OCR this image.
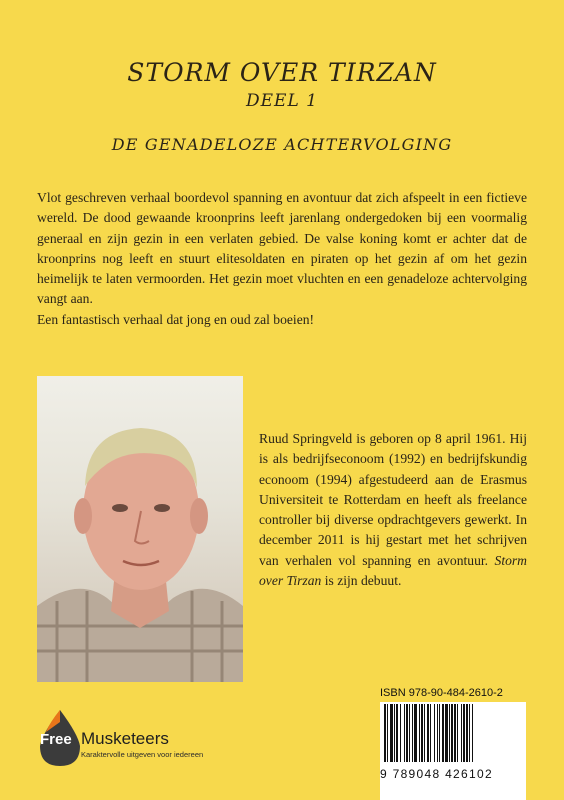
STORM OVER TIRZAN
DEEL 1
DE GENADELOZE ACHTERVOLGING

Vlot geschreven verhaal boordevol spanning en avontuur dat zich afspeelt in een fictieve wereld. De dood gewaande kroonprins leeft jarenlang ondergedoken bij een voormalig generaal en zijn gezin in een verlaten gebied. De valse koning komt er achter dat de kroonprins nog leeft en stuurt elitesoldaten en piraten op het gezin af om het gezin heimelijk te laten vermoorden. Het gezin moet vluchten en een genadeloze achtervolging vangt aan.

Een fantastisch verhaal dat jong en oud zal boeien!

Ruud Springveld is geboren op 8 april 1961. Hij is als bedrijfseconoom (1992) en bedrijfskundig econoom (1994) afgestudeerd aan de Erasmus Universiteit te Rotterdam en heeft als freelance controller bij diverse opdrachtgevers gewerkt. In december 2011 is hij gestart met het schrijven van verhalen vol spanning en avontuur. Storm over Tirzan is zijn debuut.

Free Musketeers
Karaktervolle uitgeven voor iedereen
ISBN 978-90-484-2610-2
9 789048 426102
